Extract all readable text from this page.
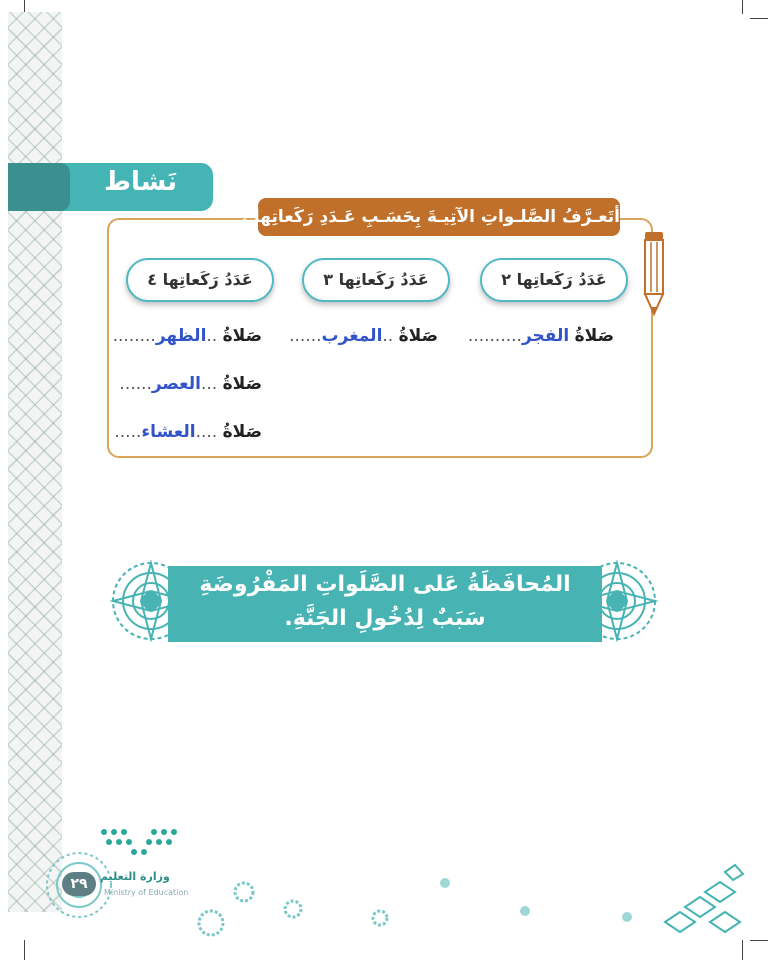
نَشاط
أتَعـرَّفُ الصَّلـواتِ الآتِيـةَ بِحَسَـبِ عَـدَدِ رَكَعاتِها :
عَدَدُ رَكَعاتِها ٢
عَدَدُ رَكَعاتِها ٣
عَدَدُ رَكَعاتِها ٤
صَلاةُ الفجر..........
صَلاةُ ..المغرب......
صَلاةُ ..الظهر........
صَلاةُ ...العصر......
صَلاةُ ....العشاء.....
المُحافَظَةُ عَلى الصَّلَواتِ المَفْرُوضَةِ
سَبَبٌ لِدُخُولِ الجَنَّةِ.
وزارة التعليم
Ministry of Education
٢٩
